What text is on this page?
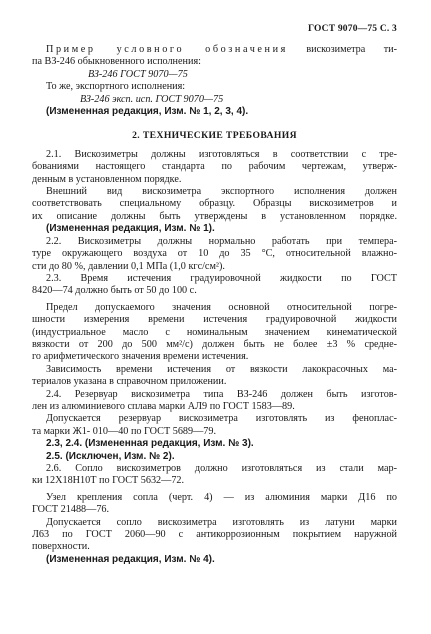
ГОСТ 9070—75 С. 3
Пример условного обозначения вискозиметра ти-
па ВЗ-246 обыкновенного исполнения:
ВЗ-246 ГОСТ 9070—75
То же, экспортного исполнения:
ВЗ-246 эксп. исп. ГОСТ 9070—75
(Измененная редакция, Изм. № 1, 2, 3, 4).
2. ТЕХНИЧЕСКИЕ ТРЕБОВАНИЯ
2.1. Вискозиметры должны изготовляться в соответствии с тре-
бованиями настоящего стандарта по рабочим чертежам, утверж-
денным в установленном порядке.
Внешний вид вискозиметра экспортного исполнения должен
соответствовать специальному образцу. Образцы вискозиметров и
их описание должны быть утверждены в установленном порядке.
(Измененная редакция, Изм. № 1).
2.2. Вискозиметры должны нормально работать при темпера-
туре окружающего воздуха от 10 до 35 °С, относительной влажно-
сти до 80 %, давлении 0,1 МПа (1,0 кгс/см²).
2.3. Время истечения градуировочной жидкости по ГОСТ
8420—74 должно быть от 50 до 100 с.
Предел допускаемого значения основной относительной погре-
шности измерения времени истечения градуировочной жидкости
(индустриальное масло с номинальным значением кинематической
вязкости от 200 до 500 мм²/с) должен быть не более ±3 % средне-
го арифметического значения времени истечения.
Зависимость времени истечения от вязкости лакокрасочных ма-
териалов указана в справочном приложении.
2.4. Резервуар вискозиметра типа ВЗ-246 должен быть изготов-
лен из алюминиевого сплава марки АЛ9 по ГОСТ 1583—89.
Допускается резервуар вискозиметра изготовлять из феноплас-
та марки Ж1- 010—40 по ГОСТ 5689—79.
2.3, 2.4. (Измененная редакция, Изм. № 3).
2.5. (Исключен, Изм. № 2).
2.6. Сопло вискозиметров должно изготовляться из стали мар-
ки 12Х18Н10Т по ГОСТ 5632—72.
Узел крепления сопла (черт. 4) — из алюминия марки Д16 по
ГОСТ 21488—76.
Допускается сопло вискозиметра изготовлять из латуни марки
Л63 по ГОСТ 2060—90 с антикоррозионным покрытием наружной
поверхности.
(Измененная редакция, Изм. № 4).
